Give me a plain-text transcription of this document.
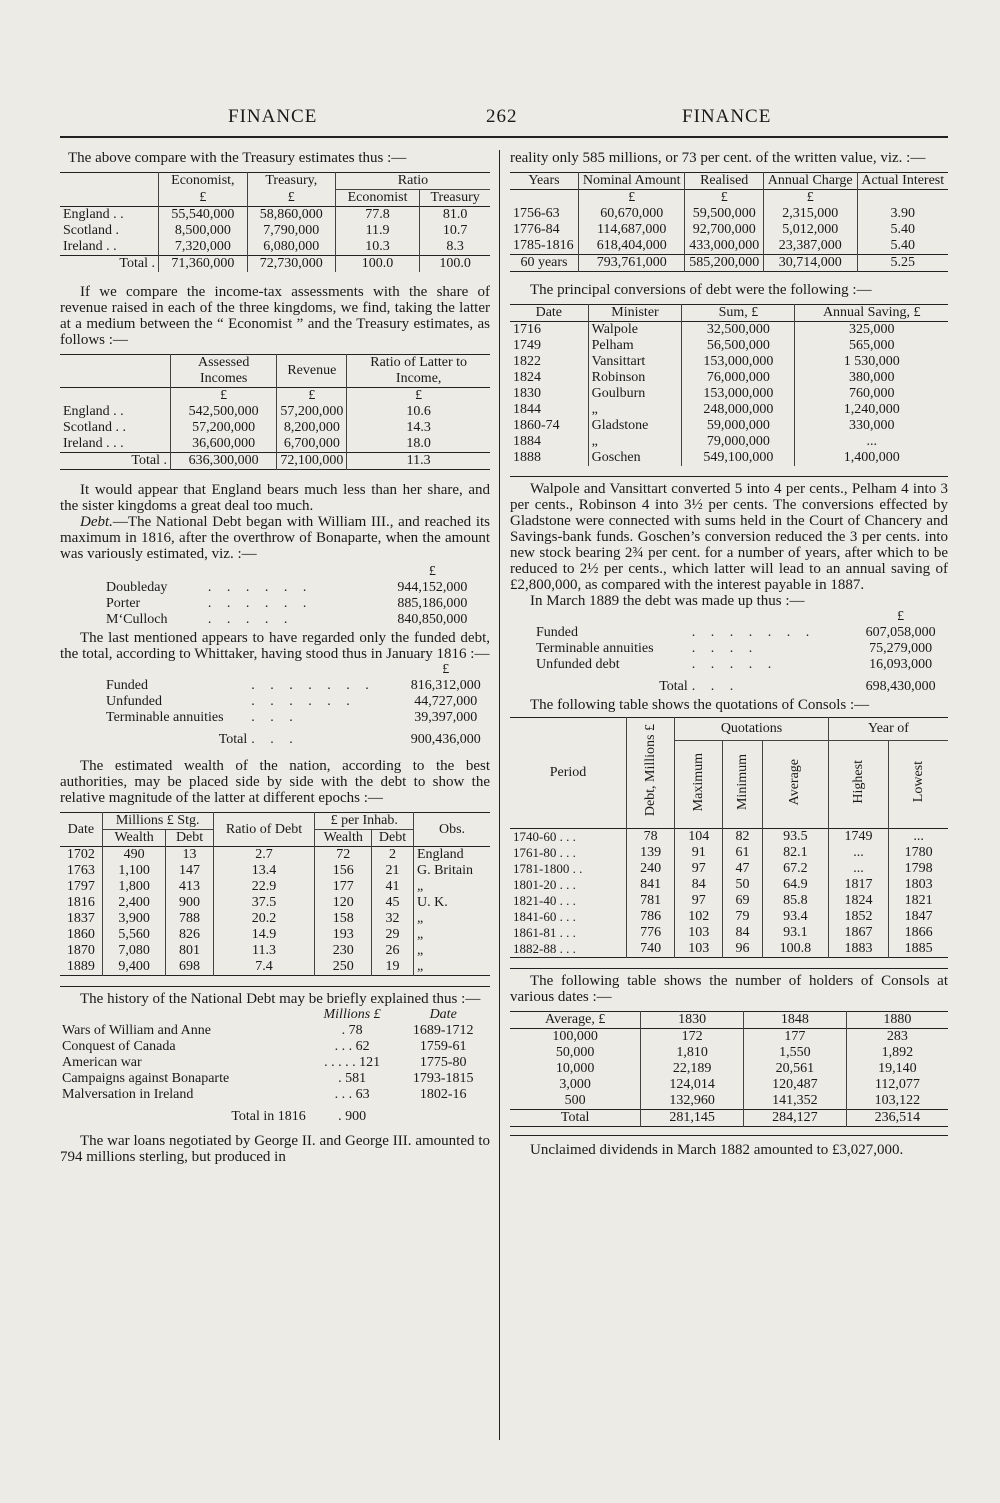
FINANCE	262	FINANCE

The above compare with the Treasury estimates thus :—

	Economist,	Treasury,	Ratio	
	£	£	Economist	Treasury
England . .	55,540,000	58,860,000	77.8	81.0
Scotland .	8,500,000	7,790,000	11.9	10.7
Ireland . .	7,320,000	6,080,000	10.3	8.3
Total .	71,360,000	72,730,000	100.0	100.0

If we compare the income-tax assessments with the share of revenue raised in each of the three kingdoms, we find, taking the latter at a medium between the “ Economist ” and the Treasury estimates, as follows :—

	Assessed Incomes	Revenue	Ratio of Latter to Income,
	£	£	£
England . .	542,500,000	57,200,000	10.6
Scotland . .	57,200,000	8,200,000	14.3
Ireland . . .	36,600,000	6,700,000	18.0
Total .	636,300,000	72,100,000	11.3

It would appear that England bears much less than her share, and the sister kingdoms a great deal too much.

Debt.—The National Debt began with William III., and reached its maximum in 1816, after the overthrow of Bonaparte, when the amount was variously estimated, viz. :—

			£
	Doubleday	. . . . . .	944,152,000
	Porter	. . . . . .	885,186,000
	M‘Culloch	. . . . .	840,850,000

The last mentioned appears to have regarded only the funded debt, the total, according to Whittaker, having stood thus in January 1816 :—

			£
	Funded	. . . . . . .	816,312,000
	Unfunded	. . . . . .	44,727,000
	Terminable annuities	. . .	39,397,000
	Total	. . .	900,436,000

The estimated wealth of the nation, according to the best authorities, may be placed side by side with the debt to show the relative magnitude of the latter at different epochs :—

Date	Millions £ Stg.		Ratio of Debt	£ per Inhab.		Obs.
	Wealth	Debt		Wealth	Debt	
1702	490	13	2.7	72	2	England
1763	1,100	147	13.4	156	21	G. Britain
1797	1,800	413	22.9	177	41	„
1816	2,400	900	37.5	120	45	U. K.
1837	3,900	788	20.2	158	32	„
1860	5,560	826	14.9	193	29	„
1870	7,080	801	11.3	230	26	„
1889	9,400	698	7.4	250	19	„

The history of the National Debt may be briefly explained thus :—

	Millions £	Date
Wars of William and Anne	. 78	1689-1712
Conquest of Canada	. . . 62	1759-61
American war	. . . . . 121	1775-80
Campaigns against Bonaparte	. 581	1793-1815
Malversation in Ireland	. . . 63	1802-16
Total in 1816	. 900	

The war loans negotiated by George II. and George III. amounted to 794 millions sterling, but produced in

reality only 585 millions, or 73 per cent. of the written value, viz. :—

Years	Nominal Amount	Realised	Annual Charge	Actual Interest
	£	£	£	
1756-63	60,670,000	59,500,000	2,315,000	3.90
1776-84	114,687,000	92,700,000	5,012,000	5.40
1785-1816	618,404,000	433,000,000	23,387,000	5.40
60 years	793,761,000	585,200,000	30,714,000	5.25

The principal conversions of debt were the following :—

Date	Minister	Sum, £	Annual Saving, £
1716	Walpole	32,500,000	325,000
1749	Pelham	56,500,000	565,000
1822	Vansittart	153,000,000	1 530,000
1824	Robinson	76,000,000	380,000
1830	Goulburn	153,000,000	760,000
1844	„	248,000,000	1,240,000
1860-74	Gladstone	59,000,000	330,000
1884	„	79,000,000	...
1888	Goschen	549,100,000	1,400,000

Walpole and Vansittart converted 5 into 4 per cents., Pelham 4 into 3 per cents., Robinson 4 into 3½ per cents. The conversions effected by Gladstone were connected with sums held in the Court of Chancery and Savings-bank funds. Goschen’s conversion reduced the 3 per cents. into new stock bearing 2¾ per cent. for a number of years, after which to be reduced to 2½ per cents., which latter will lead to an annual saving of £2,800,000, as compared with the interest payable in 1887.

In March 1889 the debt was made up thus :—

			£
	Funded	. . . . . . .	607,058,000
	Terminable annuities	. . . .	75,279,000
	Unfunded debt	. . . . .	16,093,000
	Total	. . .	698,430,000

The following table shows the quotations of Consols :—

Period	Debt, Millions £	Quotations			Year of	
		Maximum	Minimum	Average	Highest	Lowest
1740-60 . . .	78	104	82	93.5	1749	...
1761-80 . . .	139	91	61	82.1	...	1780
1781-1800 . .	240	97	47	67.2	...	1798
1801-20 . . .	841	84	50	64.9	1817	1803
1821-40 . . .	781	97	69	85.8	1824	1821
1841-60 . . .	786	102	79	93.4	1852	1847
1861-81 . . .	776	103	84	93.1	1867	1866
1882-88 . . .	740	103	96	100.8	1883	1885

The following table shows the number of holders of Consols at various dates :—

Average, £	1830	1848	1880
100,000	172	177	283
50,000	1,810	1,550	1,892
10,000	22,189	20,561	19,140
3,000	124,014	120,487	112,077
500	132,960	141,352	103,122
Total	281,145	284,127	236,514

Unclaimed dividends in March 1882 amounted to £3,027,000.
